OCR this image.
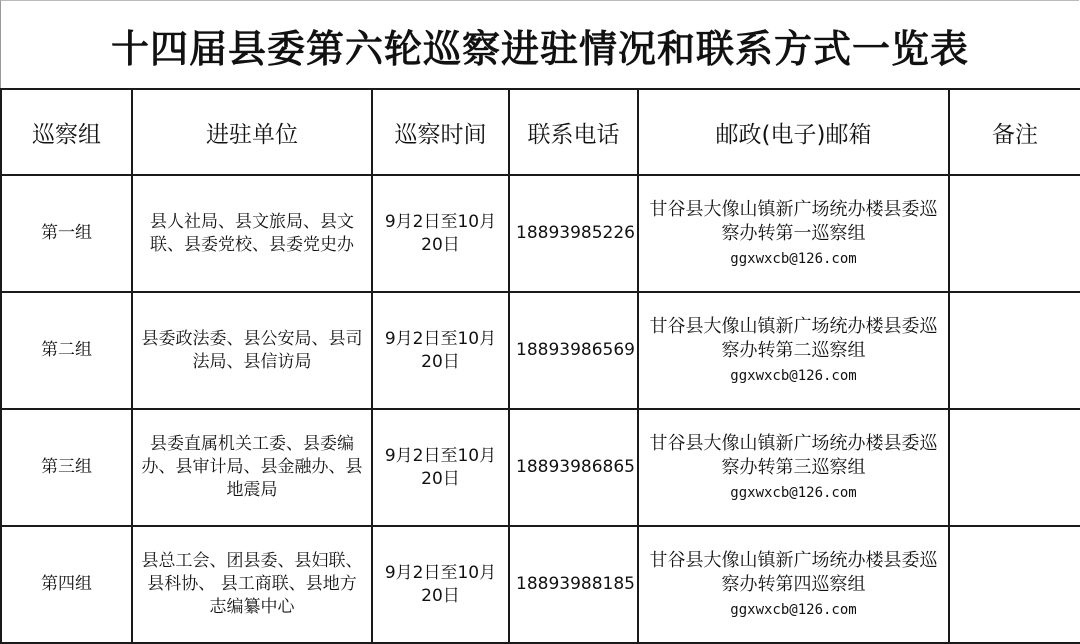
十四届县委第六轮巡察进驻情况和联系方式一览表
巡察组	进驻单位	巡察时间	联系电话	邮政(电子)邮箱	备注
第一组	县人社局、县文旅局、县文联、县委党校、县委党史办	9月2日至10月20日	18893985226	甘谷县大像山镇新广场统办楼县委巡察办转第一巡察组
ggxwxcb@126.com	

第二组	县委政法委、县公安局、县司法局、县信访局	9月2日至10月20日	18893986569	甘谷县大像山镇新广场统办楼县委巡察办转第二巡察组
ggxwxcb@126.com	

第三组	县委直属机关工委、县委编办、县审计局、县金融办、县地震局	9月2日至10月20日	18893986865	甘谷县大像山镇新广场统办楼县委巡察办转第三巡察组
ggxwxcb@126.com	

第四组	县总工会、团县委、县妇联、县科协、 县工商联、县地方志编纂中心	9月2日至10月20日	18893988185	甘谷县大像山镇新广场统办楼县委巡察办转第四巡察组
ggxwxcb@126.com	
